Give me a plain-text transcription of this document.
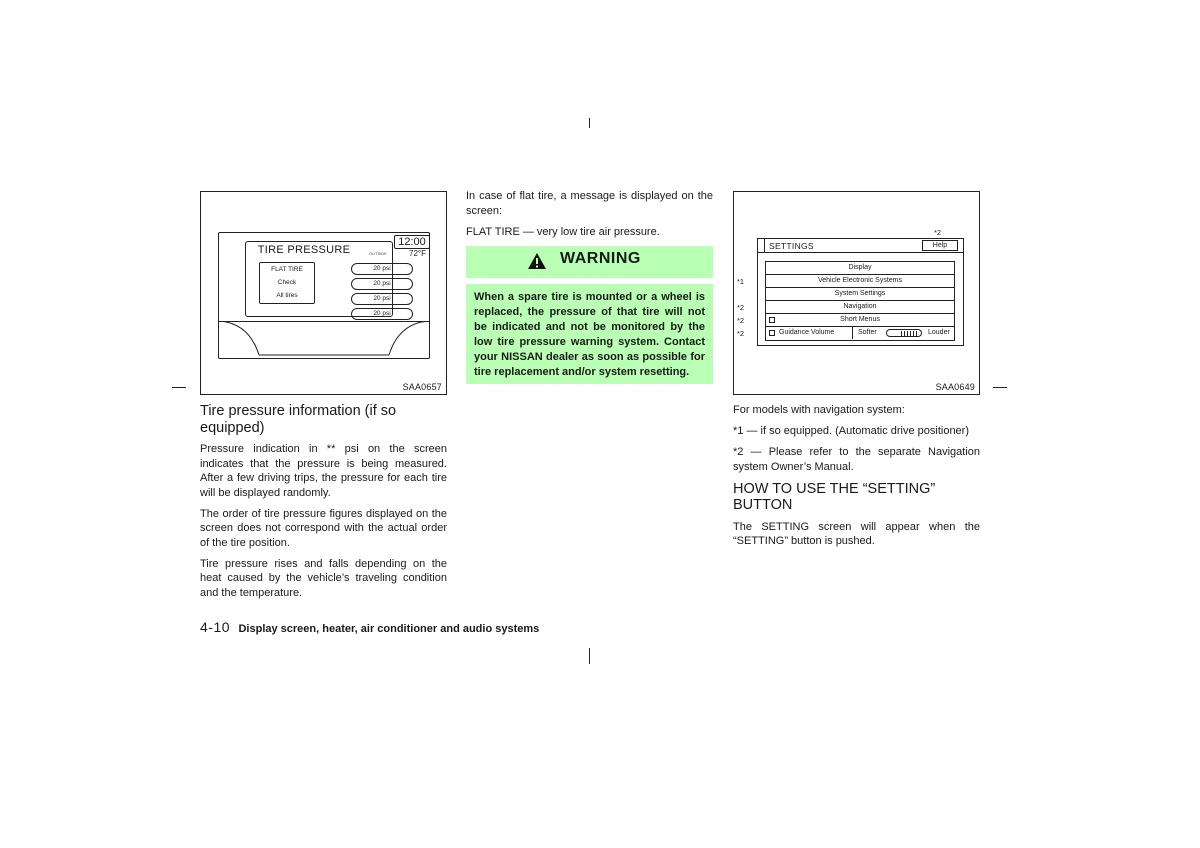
TIRE PRESSURE
FLAT TIRE
Check
All tires
20 psi
20 psi
20 psi
20 psi
12:00
OUTSIDE	72°F
SAA0657
*2
*1
*2
*2
*2
SETTINGS	Help
Display
Vehicle Electronic Systems
System Settings
Navigation
Short Menus
Guidance Volume	Softer	Louder
SAA0649
Tire pressure information (if so equipped)

Pressure indication in ** psi on the screen indicates that the pressure is being measured. After a few driving trips, the pressure for each tire will be displayed randomly.

The order of tire pressure figures displayed on the screen does not correspond with the actual order of the tire position.

Tire pressure rises and falls depending on the heat caused by the vehicle’s traveling condition and the temperature.

In case of flat tire, a message is displayed on the screen:

FLAT TIRE — very low tire air pressure.

WARNING
When a spare tire is mounted or a wheel is replaced, the pressure of that tire will not be indicated and not be monitored by the low tire pressure warning system. Contact your NISSAN dealer as soon as possible for tire replacement and/or system resetting.

For models with navigation system:

*1 — if so equipped. (Automatic drive positioner)

*2 — Please refer to the separate Navigation system Owner’s Manual.

HOW TO USE THE “SETTING” BUTTON

The SETTING screen will appear when the “SETTING” button is pushed.

4-10 Display screen, heater, air conditioner and audio systems
